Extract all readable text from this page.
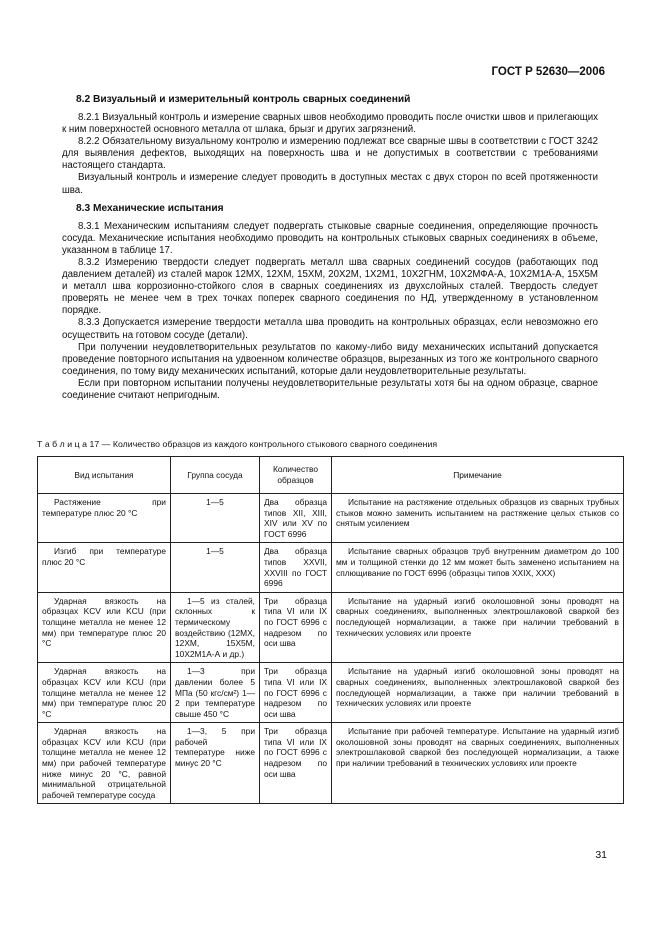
ГОСТ Р 52630—2006
8.2 Визуальный и измерительный контроль сварных соединений

8.2.1 Визуальный контроль и измерение сварных швов необходимо проводить после очистки швов и прилегающих к ним поверхностей основного металла от шлака, брызг и других загрязнений.

8.2.2 Обязательному визуальному контролю и измерению подлежат все сварные швы в соответствии с ГОСТ 3242 для выявления дефектов, выходящих на поверхность шва и не допустимых в соответствии с требованиями настоящего стандарта.

Визуальный контроль и измерение следует проводить в доступных местах с двух сторон по всей протяженности шва.

8.3 Механические испытания

8.3.1 Механическим испытаниям следует подвергать стыковые сварные соединения, определяющие прочность сосуда. Механические испытания необходимо проводить на контрольных стыковых сварных соединениях в объеме, указанном в таблице 17.

8.3.2 Измерению твердости следует подвергать металл шва сварных соединений сосудов (работающих под давлением деталей) из сталей марок 12МХ, 12ХМ, 15ХМ, 20Х2М, 1Х2М1, 10Х2ГНМ, 10Х2МФА-А, 10Х2М1А-А, 15Х5М и металл шва коррозионно-стойкого слоя в сварных соединениях из двухслойных сталей. Твердость следует проверять не менее чем в трех точках поперек сварного соединения по НД, утвержденному в установленном порядке.

8.3.3 Допускается измерение твердости металла шва проводить на контрольных образцах, если невозможно его осуществить на готовом сосуде (детали).

При получении неудовлетворительных результатов по какому-либо виду механических испытаний допускается проведение повторного испытания на удвоенном количестве образцов, вырезанных из того же контрольного сварного соединения, по тому виду механических испытаний, которые дали неудовлетворительные результаты.

Если при повторном испытании получены неудовлетворительные результаты хотя бы на одном образце, сварное соединение считают непригодным.

Т а б л и ц а 17 — Количество образцов из каждого контрольного стыкового сварного соединения
Вид испытания	Группа сосуда	Количество образцов	Примечание

Растяжение при температуре плюс 20 °С	1—5	Два образца типов XII, XIII, XIV или XV по ГОСТ 6996	Испытание на растяжение отдельных образцов из сварных трубных стыков можно заменить испытанием на растяжение целых стыков со снятым усилением

Изгиб при температуре плюс 20 °С	1—5	Два образца типов XXVII, XXVIII по ГОСТ 6996	Испытание сварных образцов труб внутренним диаметром до 100 мм и толщиной стенки до 12 мм может быть заменено испытанием на сплющивание по ГОСТ 6996 (образцы типов XXIX, XXX)

Ударная вязкость на образцах KCV или KCU (при толщине металла не менее 12 мм) при температуре плюс 20 °С	1—5 из сталей, склонных к термическому воздействию (12МХ, 12ХМ, 15Х5М, 10Х2М1А-А и др.)	Три образца типа VI или IX по ГОСТ 6996 с надрезом по оси шва	Испытание на ударный изгиб околошовной зоны проводят на сварных соединениях, выполненных электрошлаковой сваркой без последующей нормализации, а также при наличии требований в технических условиях или проекте

Ударная вязкость на образцах KCV или KCU (при толщине металла не менее 12 мм) при температуре плюс 20 °С	1—3 при давлении более 5 МПа (50 кгс/см²) 1—2 при температуре свыше 450 °С	Три образца типа VI или IX по ГОСТ 6996 с надрезом по оси шва	Испытание на ударный изгиб околошовной зоны проводят на сварных соединениях, выполненных электрошлаковой сваркой без последующей нормализации, а также при наличии требований в технических условиях или проекте

Ударная вязкость на образцах KCV или KCU (при толщине металла не менее 12 мм) при рабочей температуре ниже минус 20 °С, равной минимальной отрицательной рабочей температуре сосуда	1—3, 5 при рабочей температуре ниже минус 20 °С	Три образца типа VI или IX по ГОСТ 6996 с надрезом по оси шва	Испытание при рабочей температуре. Испытание на ударный изгиб околошовной зоны проводят на сварных соединениях, выполненных электрошлаковой сваркой без последующей нормализации, а также при наличии требований в технических условиях или проекте
31
